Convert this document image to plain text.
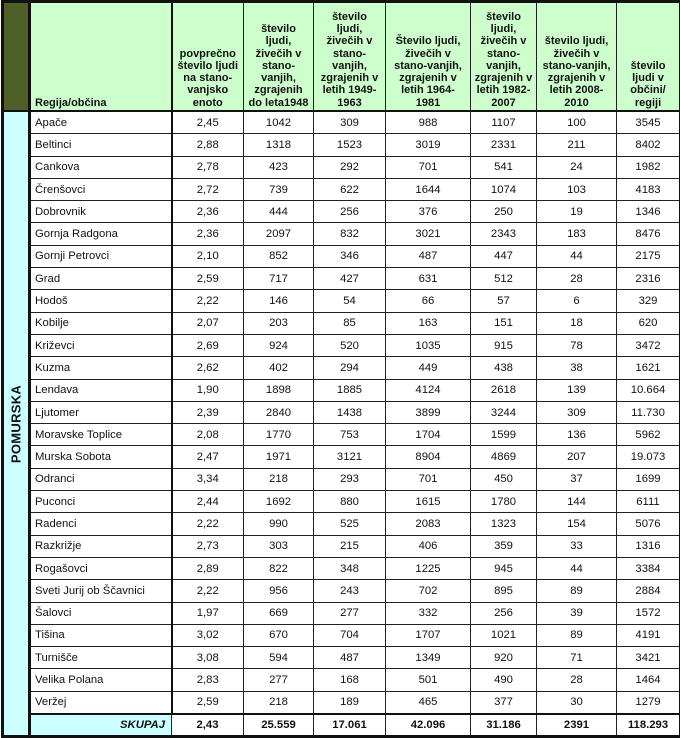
	Regija/občina	povprečno število ljudi na stano-vanjsko enoto	število ljudi, živečih v stano-vanjih, zgrajenih do leta1948	število ljudi, živečih v stano-vanjih, zgrajenih v letih 1949-1963	Število ljudi, živečih v stano-vanjih, zgrajenih v letih 1964-1981	število ljudi, živečih v stano-vanjih, zgrajenih v letih 1982-2007	število ljudi, živečih v stano-vanjih, zgrajenih v letih 2008-2010	število ljudi v občini/ regiji

POMURSKA	Apače	2,45	1042	309	988	1107	100	3545
	Beltinci	2,88	1318	1523	3019	2331	211	8402
	Cankova	2,78	423	292	701	541	24	1982
	Črenšovci	2,72	739	622	1644	1074	103	4183
	Dobrovnik	2,36	444	256	376	250	19	1346
	Gornja Radgona	2,36	2097	832	3021	2343	183	8476
	Gornji Petrovci	2,10	852	346	487	447	44	2175
	Grad	2,59	717	427	631	512	28	2316
	Hodoš	2,22	146	54	66	57	6	329
	Kobilje	2,07	203	85	163	151	18	620
	Križevci	2,69	924	520	1035	915	78	3472
	Kuzma	2,62	402	294	449	438	38	1621
	Lendava	1,90	1898	1885	4124	2618	139	10.664
	Ljutomer	2,39	2840	1438	3899	3244	309	11.730
	Moravske Toplice	2,08	1770	753	1704	1599	136	5962
	Murska Sobota	2,47	1971	3121	8904	4869	207	19.073
	Odranci	3,34	218	293	701	450	37	1699
	Puconci	2,44	1692	880	1615	1780	144	6111
	Radenci	2,22	990	525	2083	1323	154	5076
	Razkrižje	2,73	303	215	406	359	33	1316
	Rogašovci	2,89	822	348	1225	945	44	3384
	Sveti Jurij ob Ščavnici	2,22	956	243	702	895	89	2884
	Šalovci	1,97	669	277	332	256	39	1572
	Tišina	3,02	670	704	1707	1021	89	4191
	Turnišče	3,08	594	487	1349	920	71	3421
	Velika Polana	2,83	277	168	501	490	28	1464
	Veržej	2,59	218	189	465	377	30	1279
	SKUPAJ	2,43	25.559	17.061	42.096	31.186	2391	118.293
